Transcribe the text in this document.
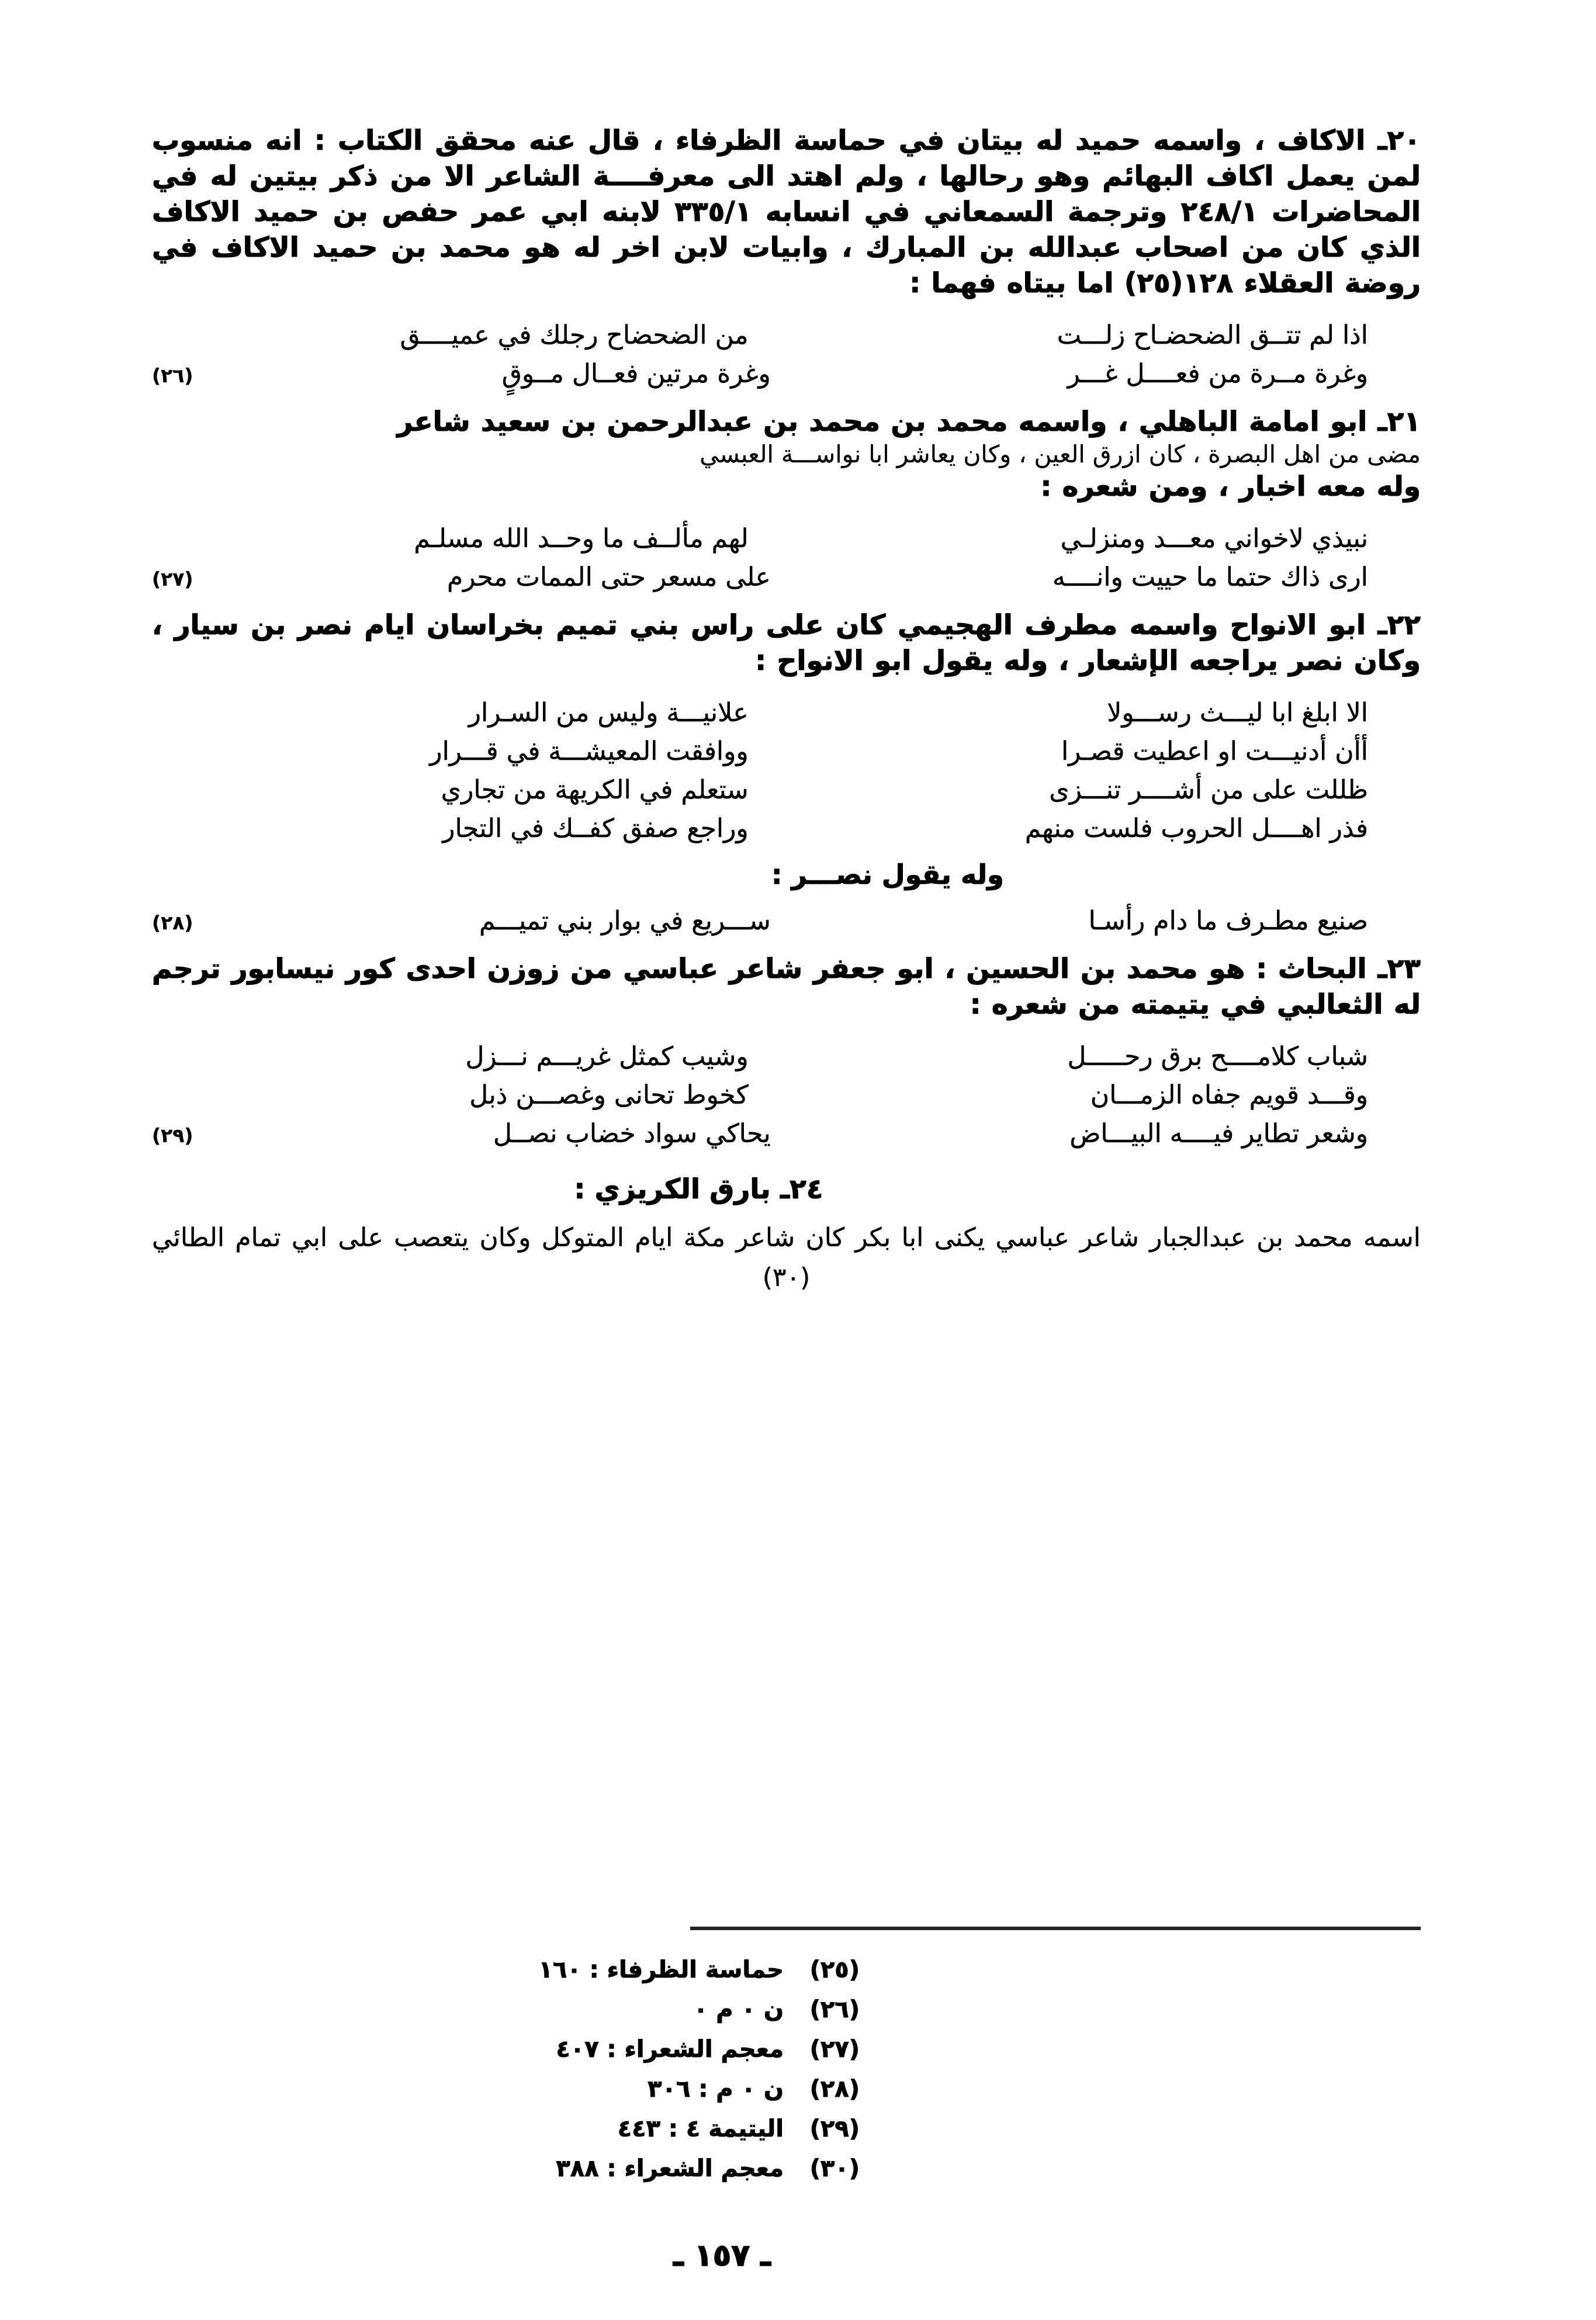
٢٠ـ الاكاف ، واسمه حميد له بيتان في حماسة الظرفاء ، قال عنه محقق الكتاب : انه منسوب لمن يعمل اكاف البهائم وهو رحالها ، ولم اهتد الى معرفــــة الشاعر الا من ذكر بيتين له في المحاضرات ٢٤٨/١ وترجمة السمعاني في انسابه ٣٣٥/١ لابنه ابي عمر حفص بن حميد الاكاف الذي كان من اصحاب عبدالله بن المبارك ، وابيات لابن اخر له هو محمد بن حميد الاكاف في روضة العقلاء ١٢٨(٢٥) اما بيتاه فهما :
اذا لم تتــق الضحضـاح زلـــت
من الضحضاح رجلك في عميــــق
وغرة مــرة من فعــــل غـــر
وغرة مرتين فعــال مــوقٍ
(٢٦)
٢١ـ ابو امامة الباهلي ، واسمه محمد بن محمد بن عبدالرحمن بن سعيد شاعر
مضى من اهل البصرة ، كان ازرق العين ، وكان يعاشر ابا نواســـة العبسي
وله معه اخبار ، ومن شعره :
نبيذي لاخواني معـــد ومنزلـي
لهم مألــف ما وحــد الله مسلـم
ارى ذاك حتما ما حييت وانــــه
على مسعر حتى الممات محرم
(٢٧)
٢٢ـ ابو الانواح واسمه مطرف الهجيمي كان على راس بني تميم بخراسان ايام نصر بن سيار ، وكان نصر يراجعه الإشعار ، وله يقول ابو الانواح :
الا ابلغ ابا ليـــث رســـولا
علانيـــة وليس من السـرار
أأن أدنيـــت او اعطيت قصـرا
ووافقت المعيشـــة في قـــرار
ظللت على من أشــــر تنـــزى
ستعلم في الكريهة من تجاري
فذر اهــــل الحروب فلست منهم
وراجع صفق كفــك في التجار
وله يقول نصـــر :
صنيع مطـرف ما دام رأسـا
ســـريع في بوار بني تميـــم
(٢٨)
٢٣ـ البحاث : هو محمد بن الحسين ، ابو جعفر شاعر عباسي من زوزن احدى كور نيسابور ترجم له الثعالبي في يتيمته من شعره :
شباب كلامــــح برق رحـــــل
وشيب كمثل غريـــم نـــزل
وقـــد قويم جفاه الزمـــان
كخوط تحانى وغصـــن ذبل
وشعر تطاير فيــــه البيـــاض
يحاكي سواد خضاب نصــل
(٢٩)
٢٤ـ بارق الكريزي :
اسمه محمد بن عبدالجبار شاعر عباسي يكنى ابا بكر كان شاعر مكة ايام المتوكل وكان يتعصب على ابي تمام الطائي (٣٠)
(٢٥)
حماسة الظرفاء : ١٦٠
(٢٦)
ن ٠ م ٠
(٢٧)
معجم الشعراء : ٤٠٧
(٢٨)
ن ٠ م : ٣٠٦
(٢٩)
اليتيمة ٤ : ٤٤٣
(٣٠)
معجم الشعراء : ٣٨٨
ـ ١٥٧ ـ
